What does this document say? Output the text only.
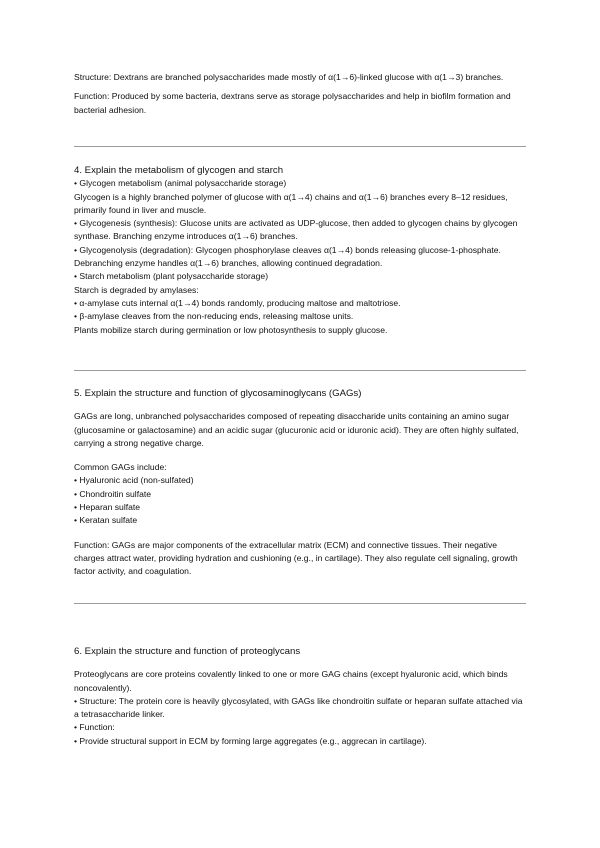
Structure: Dextrans are branched polysaccharides made mostly of α(1→6)-linked glucose with α(1→3) branches.

Function: Produced by some bacteria, dextrans serve as storage polysaccharides and help in biofilm formation and bacterial adhesion.

4. Explain the metabolism of glycogen and starch

• Glycogen metabolism (animal polysaccharide storage)

Glycogen is a highly branched polymer of glucose with α(1→4) chains and α(1→6) branches every 8–12 residues, primarily found in liver and muscle.

• Glycogenesis (synthesis): Glucose units are activated as UDP-glucose, then added to glycogen chains by glycogen synthase. Branching enzyme introduces α(1→6) branches.

• Glycogenolysis (degradation): Glycogen phosphorylase cleaves α(1→4) bonds releasing glucose-1-phosphate. Debranching enzyme handles α(1→6) branches, allowing continued degradation.

• Starch metabolism (plant polysaccharide storage)

Starch is degraded by amylases:

• α-amylase cuts internal α(1→4) bonds randomly, producing maltose and maltotriose.

• β-amylase cleaves from the non-reducing ends, releasing maltose units.

Plants mobilize starch during germination or low photosynthesis to supply glucose.

5. Explain the structure and function of glycosaminoglycans (GAGs)

GAGs are long, unbranched polysaccharides composed of repeating disaccharide units containing an amino sugar (glucosamine or galactosamine) and an acidic sugar (glucuronic acid or iduronic acid). They are often highly sulfated, carrying a strong negative charge.

Common GAGs include:

• Hyaluronic acid (non-sulfated)

• Chondroitin sulfate

• Heparan sulfate

• Keratan sulfate

Function: GAGs are major components of the extracellular matrix (ECM) and connective tissues. Their negative charges attract water, providing hydration and cushioning (e.g., in cartilage). They also regulate cell signaling, growth factor activity, and coagulation.

6. Explain the structure and function of proteoglycans

Proteoglycans are core proteins covalently linked to one or more GAG chains (except hyaluronic acid, which binds noncovalently).

• Structure: The protein core is heavily glycosylated, with GAGs like chondroitin sulfate or heparan sulfate attached via a tetrasaccharide linker.

• Function:

• Provide structural support in ECM by forming large aggregates (e.g., aggrecan in cartilage).
